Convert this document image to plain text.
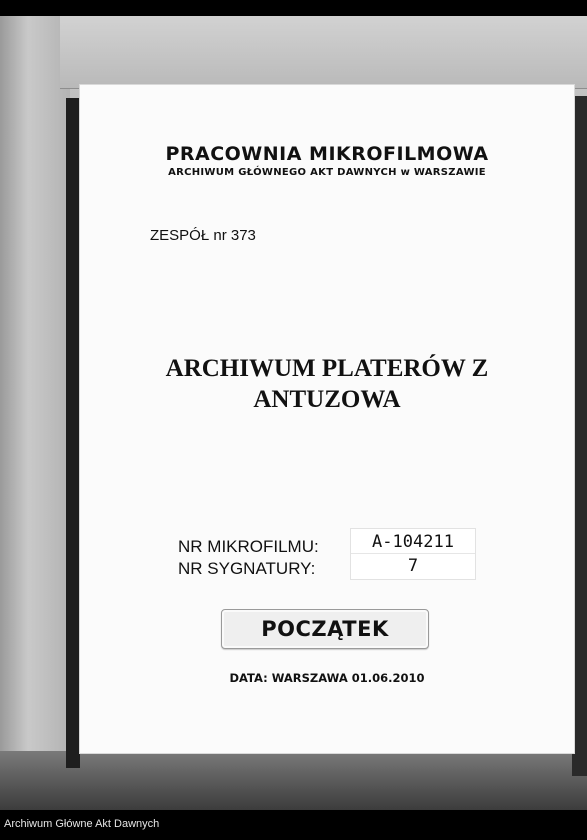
PRACOWNIA MIKROFILMOWA
ARCHIWUM GŁÓWNEGO AKT DAWNYCH w WARSZAWIE
ZESPÓŁ nr 373
ARCHIWUM PLATERÓW Z
ANTUZOWA
NR MIKROFILMU:
NR SYGNATURY:
A-104211
7
POCZĄTEK
DATA: WARSZAWA 01.06.2010
Archiwum Główne Akt Dawnych
